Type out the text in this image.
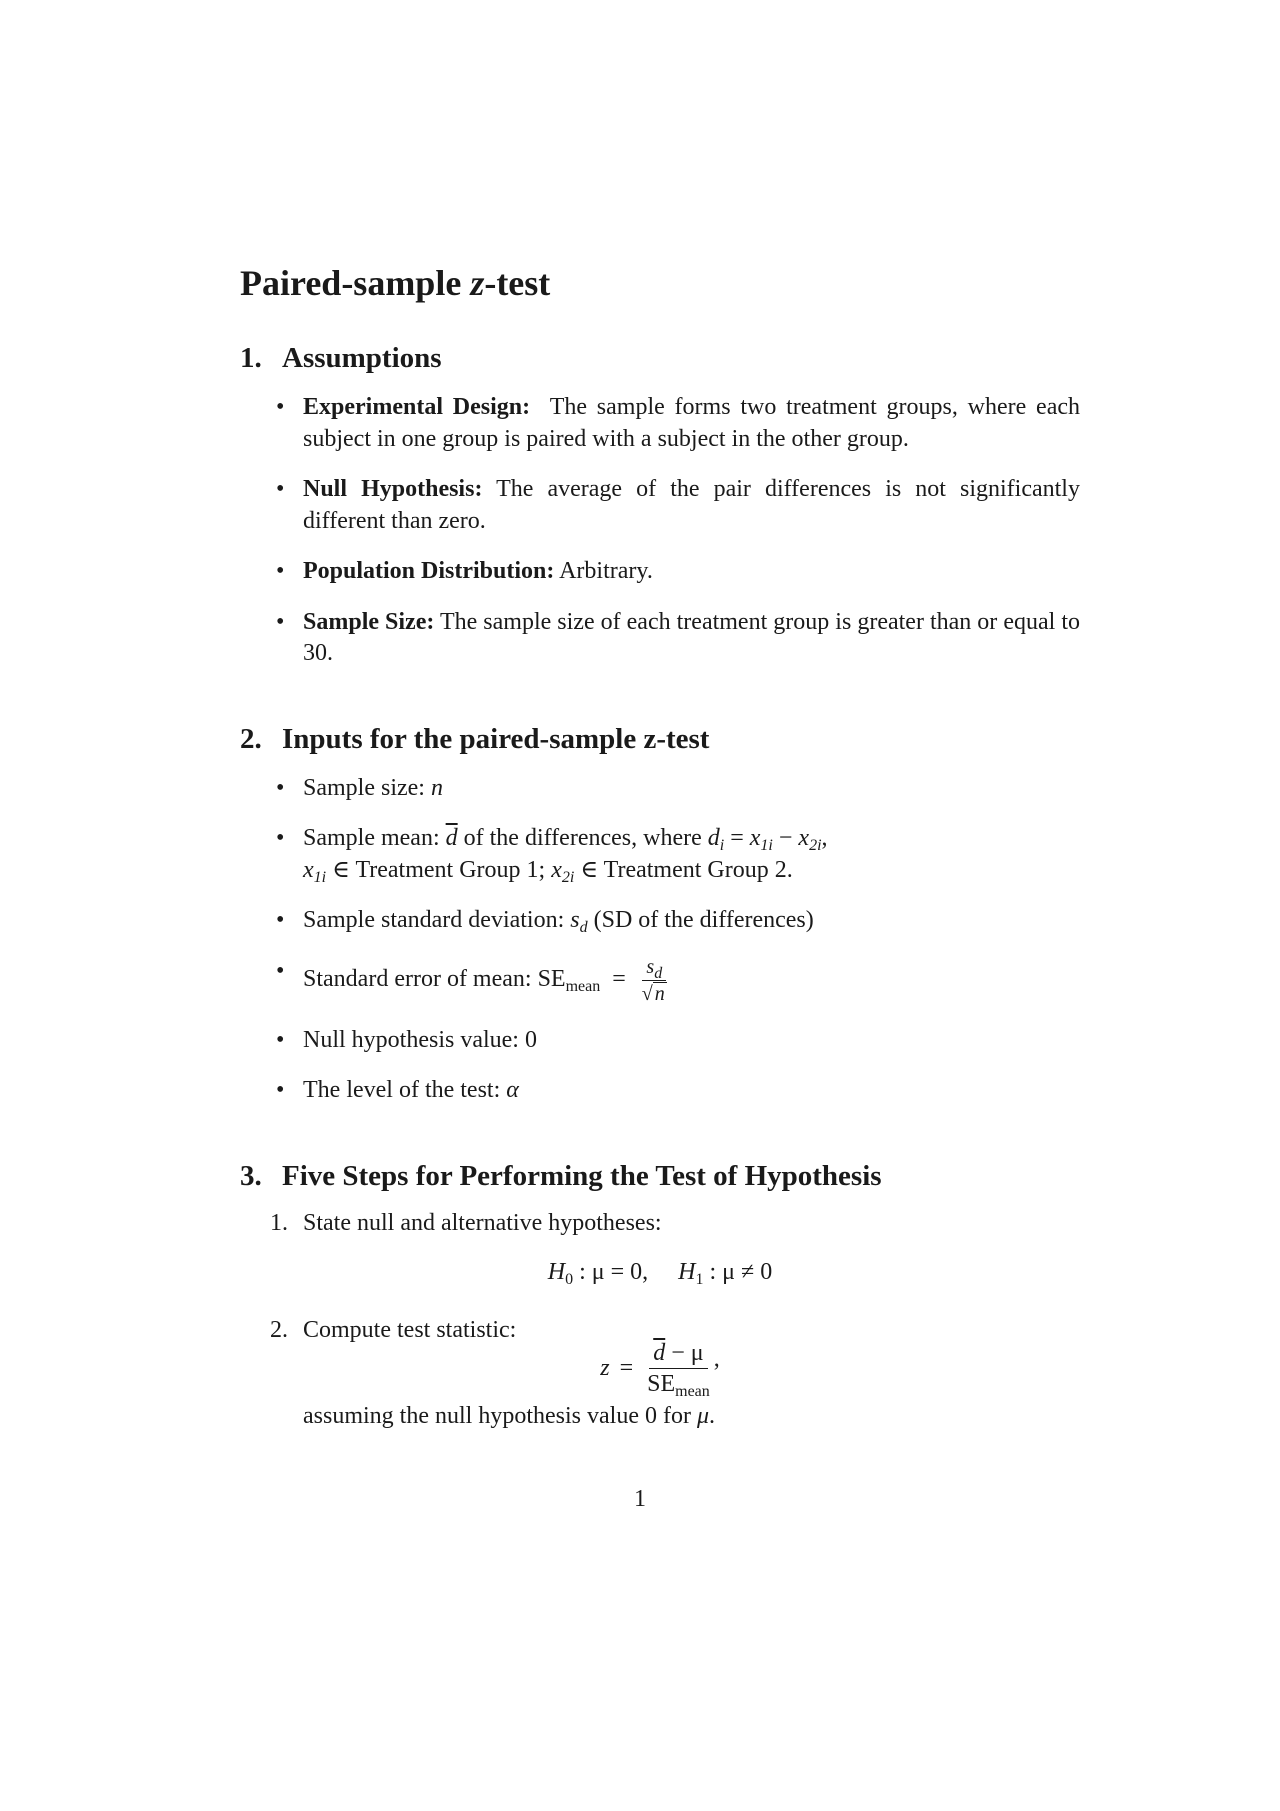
Paired-sample z-test
1. Assumptions
• Experimental Design: The sample forms two treatment groups, where each subject in one group is paired with a subject in the other group.
• Null Hypothesis: The average of the pair differences is not significantly different than zero.
• Population Distribution: Arbitrary.
• Sample Size: The sample size of each treatment group is greater than or equal to 30.
2. Inputs for the paired-sample z-test
• Sample size: n
• Sample mean: $\overline{d}$ of the differences, where $d_i = x_{1i} - x_{2i}$,
$x_{1i}$ ∈ Treatment Group 1; $x_{2i}$ ∈ Treatment Group 2.
• Sample standard deviation: $s_d$ (SD of the differences)
• Standard error of mean: $SE_{mean} = \frac{s_d}{√ n}$
• Null hypothesis value: 0
• The level of the test: α
3. Five Steps for Performing the Test of Hypothesis
1. State null and alternative hypotheses:
$H_0$ : μ = 0, $H_1$ : μ ≠ 0
2. Compute test statistic:
$z = \frac{\overline{d} - \mu}{SE_{mean}}$ ,
assuming the null hypothesis value 0 for μ.
1
